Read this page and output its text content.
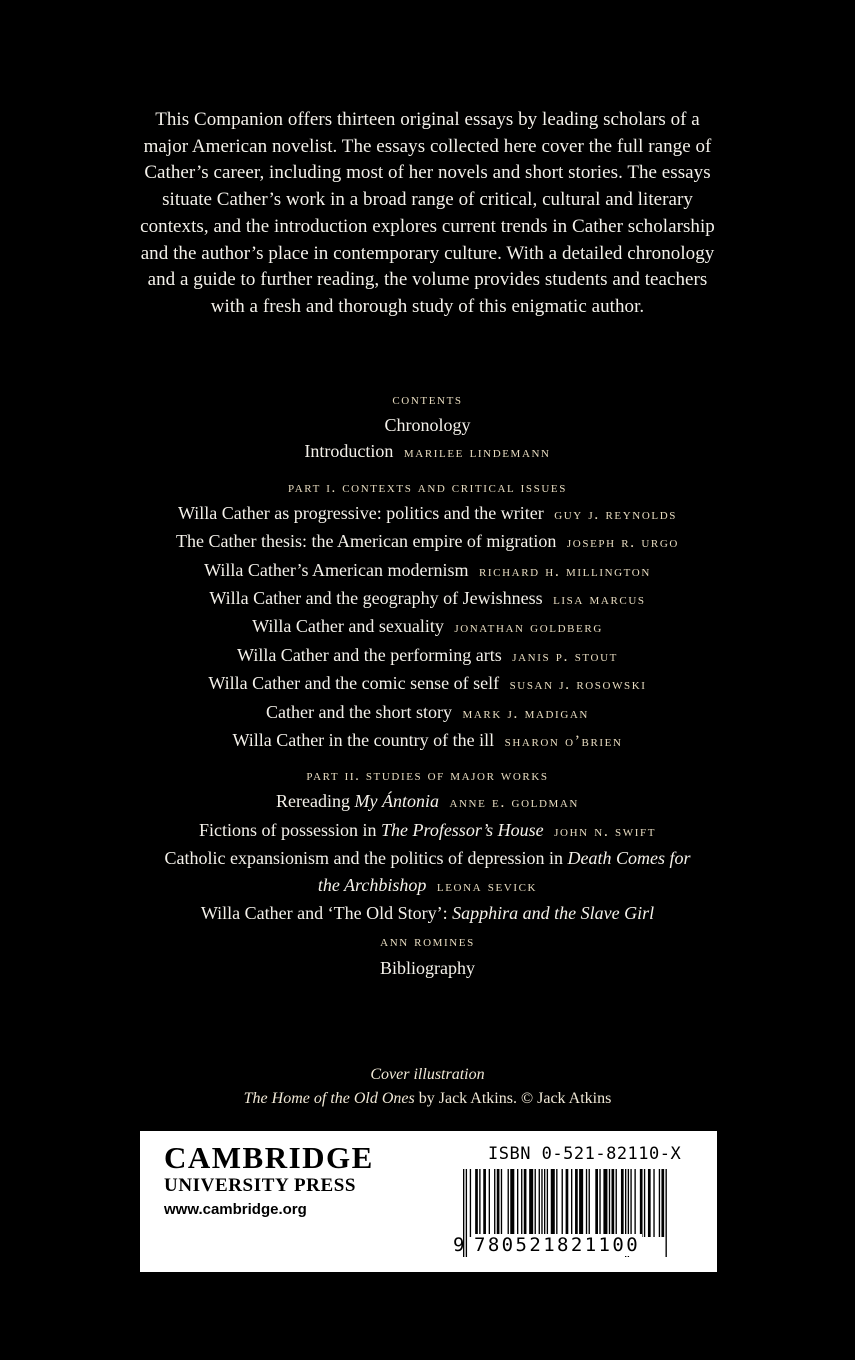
This Companion offers thirteen original essays by leading scholars of a major American novelist. The essays collected here cover the full range of Cather’s career, including most of her novels and short stories. The essays situate Cather’s work in a broad range of critical, cultural and literary contexts, and the introduction explores current trends in Cather scholarship and the author’s place in contemporary culture. With a detailed chronology and a guide to further reading, the volume provides students and teachers with a fresh and thorough study of this enigmatic author.
contents
Chronology
Introduction marilee lindemann
part i. contexts and critical issues
Willa Cather as progressive: politics and the writer guy j. reynolds
The Cather thesis: the American empire of migration joseph r. urgo
Willa Cather’s American modernism richard h. millington
Willa Cather and the geography of Jewishness lisa marcus
Willa Cather and sexuality jonathan goldberg
Willa Cather and the performing arts janis p. stout
Willa Cather and the comic sense of self susan j. rosowski
Cather and the short story mark j. madigan
Willa Cather in the country of the ill sharon o’brien
part ii. studies of major works
Rereading My Ántonia anne e. goldman
Fictions of possession in The Professor’s House john n. swift
Catholic expansionism and the politics of depression in Death Comes for
the Archbishop leona sevick
Willa Cather and ‘The Old Story’: Sapphira and the Slave Girl
ann romines
Bibliography
Cover illustration
The Home of the Old Ones by Jack Atkins. © Jack Atkins
CAMBRIDGE
UNIVERSITY PRESS
www.cambridge.org
ISBN 0-521-82110-X
9 780521821100
